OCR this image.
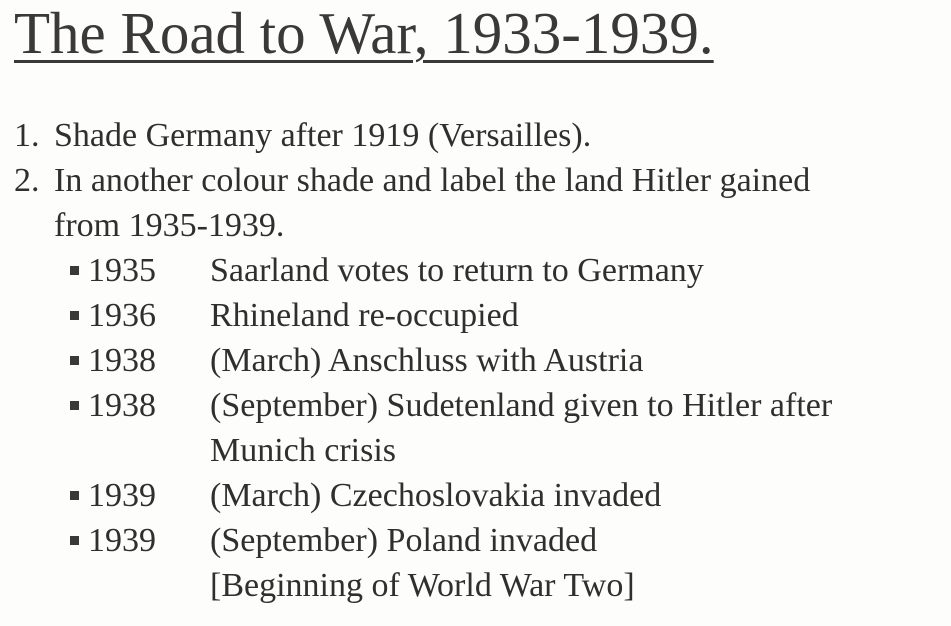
The Road to War, 1933-1939.
1. Shade Germany after 1919 (Versailles).
2. In another colour shade and label the land Hitler gained
from 1935-1939.
1935 Saarland votes to return to Germany
1936 Rhineland re-occupied
1938 (March) Anschluss with Austria
1938 (September) Sudetenland given to Hitler after
Munich crisis
1939 (March) Czechoslovakia invaded
1939 (September) Poland invaded
[Beginning of World War Two]
